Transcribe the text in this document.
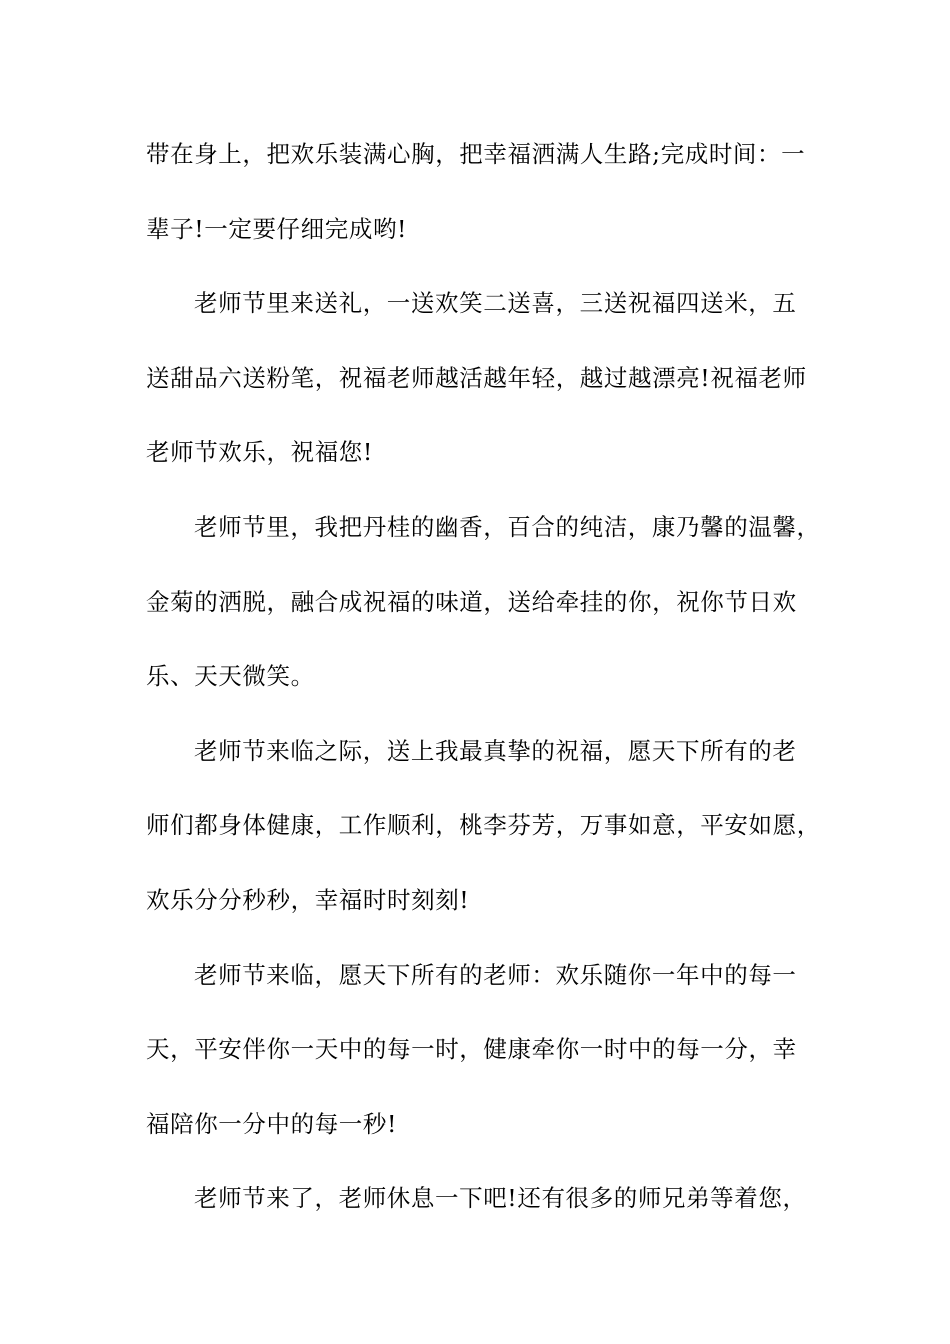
带在身上，把欢乐装满心胸，把幸福洒满人生路;完成时间：一
辈子!一定要仔细完成哟!
老师节里来送礼，一送欢笑二送喜，三送祝福四送米，五
送甜品六送粉笔，祝福老师越活越年轻，越过越漂亮!祝福老师
老师节欢乐，祝福您!
老师节里，我把丹桂的幽香，百合的纯洁，康乃馨的温馨，
金菊的洒脱，融合成祝福的味道，送给牵挂的你，祝你节日欢
乐、天天微笑。
老师节来临之际，送上我最真挚的祝福，愿天下所有的老
师们都身体健康，工作顺利，桃李芬芳，万事如意，平安如愿，
欢乐分分秒秒，幸福时时刻刻!
老师节来临，愿天下所有的老师：欢乐随你一年中的每一
天，平安伴你一天中的每一时，健康牵你一时中的每一分，幸
福陪你一分中的每一秒!
老师节来了，老师休息一下吧!还有很多的师兄弟等着您，
